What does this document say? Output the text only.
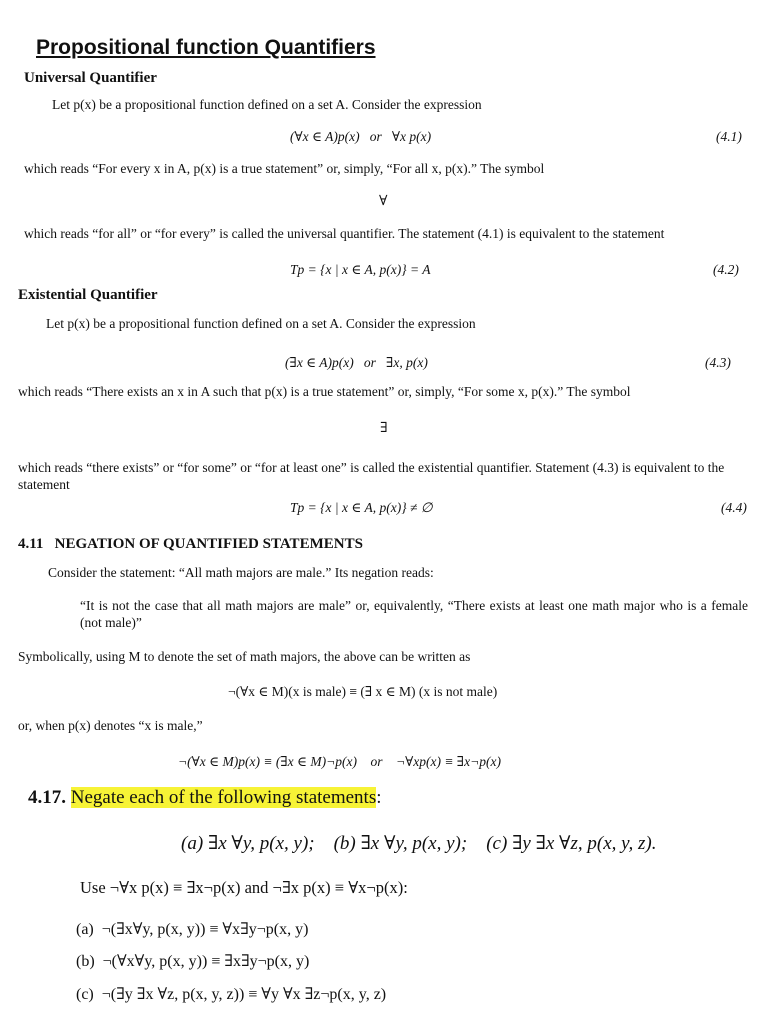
Propositional function Quantifiers
Universal Quantifier
Let p(x) be a propositional function defined on a set A. Consider the expression
(∀x ∈ A)p(x)   or   ∀x p(x)	(4.1)
which reads “For every x in A, p(x) is a true statement” or, simply, “For all x, p(x).” The symbol
∀
which reads “for all” or “for every” is called the universal quantifier. The statement (4.1) is equivalent to the statement
Tp = {x | x ∈ A, p(x)} = A	(4.2)
Existential Quantifier
Let p(x) be a propositional function defined on a set A. Consider the expression
(∃x ∈ A)p(x)   or   ∃x, p(x)	(4.3)
which reads “There exists an x in A such that p(x) is a true statement” or, simply, “For some x, p(x).” The symbol
∃
which reads “there exists” or “for some” or “for at least one” is called the existential quantifier. Statement (4.3) is equivalent to the statement
Tp = {x | x ∈ A, p(x)} ≠ ∅	(4.4)
4.11   NEGATION OF QUANTIFIED STATEMENTS
Consider the statement: “All math majors are male.” Its negation reads:
“It is not the case that all math majors are male” or, equivalently, “There exists at least one math major who is a female (not male)”
Symbolically, using M to denote the set of math majors, the above can be written as
¬(∀x ∈ M)(x is male) ≡ (∃ x ∈ M) (x is not male)
or, when p(x) denotes “x is male,”
¬(∀x ∈ M)p(x) ≡ (∃x ∈ M)¬p(x)    or    ¬∀xp(x) ≡ ∃x¬p(x)
4.17. Negate each of the following statements:
(a) ∃x ∀y, p(x, y);    (b) ∃x ∀y, p(x, y);    (c) ∃y ∃x ∀z, p(x, y, z).
Use ¬∀x p(x) ≡ ∃x¬p(x) and ¬∃x p(x) ≡ ∀x¬p(x):
(a)  ¬(∃x∀y, p(x, y)) ≡ ∀x∃y¬p(x, y)
(b)  ¬(∀x∀y, p(x, y)) ≡ ∃x∃y¬p(x, y)
(c)  ¬(∃y ∃x ∀z, p(x, y, z)) ≡ ∀y ∀x ∃z¬p(x, y, z)
